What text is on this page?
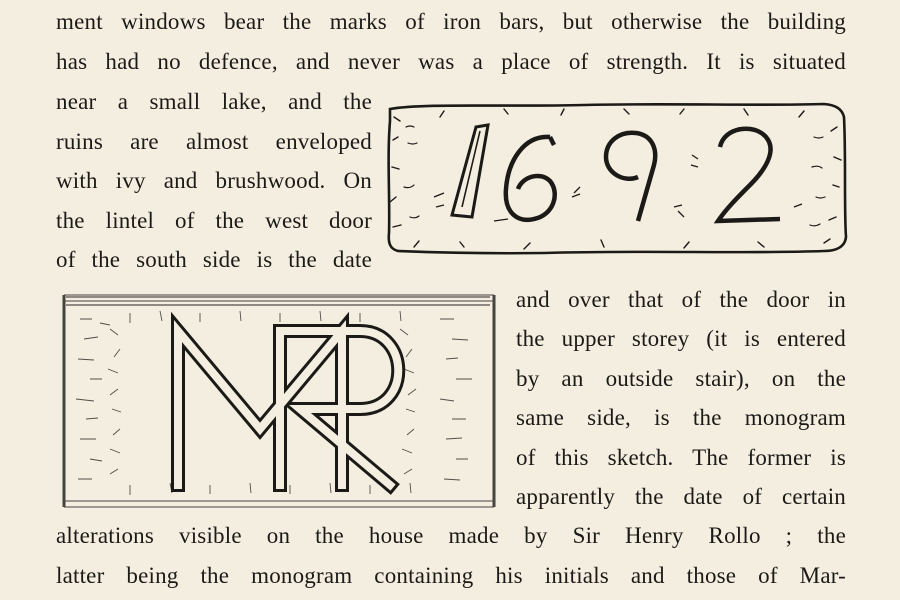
ment windows bear the marks of iron bars, but otherwise the building
has had no defence, and never was a place of strength. It is situated
near a small lake, and the
ruins are almost enveloped
with ivy and brushwood. On
the lintel of the west door
of the south side is the date
and over that of the door in
the upper storey (it is entered
by an outside stair), on the
same side, is the monogram
of this sketch. The former is
apparently the date of certain
alterations visible on the house made by Sir Henry Rollo ; the
latter being the monogram containing his initials and those of Mar-
